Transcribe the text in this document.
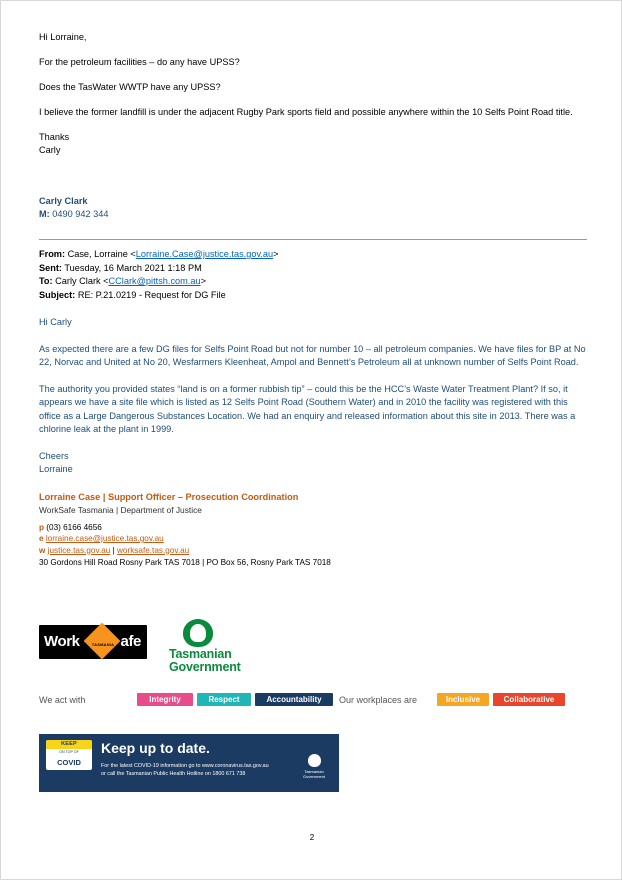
Hi Lorraine,

For the petroleum facilities – do any have UPSS?

Does the TasWater WWTP have any UPSS?

I believe the former landfill is under the adjacent Rugby Park sports field and possible anywhere within the 10 Selfs Point Road title.

Thanks

Carly

Carly Clark

M: 0490 942 344

From: Case, Lorraine <Lorraine.Case@justice.tas.gov.au>

Sent: Tuesday, 16 March 2021 1:18 PM

To: Carly Clark <CClark@pittsh.com.au>

Subject: RE: P.21.0219 - Request for DG File

Hi Carly

As expected there are a few DG files for Selfs Point Road but not for number 10 – all petroleum companies. We have files for BP at No 22, Norvac and United at No 20, Wesfarmers Kleenheat, Ampol and Bennett’s Petroleum all at unknown number of Selfs Point Road.

The authority you provided states “land is on a former rubbish tip” – could this be the HCC’s Waste Water Treatment Plant? If so, it appears we have a site file which is listed as 12 Selfs Point Road (Southern Water) and in 2010 the facility was registered with this office as a Large Dangerous Substances Location. We had an enquiry and released information about this site in 2013. There was a chlorine leak at the plant in 1999.

Cheers

Lorraine

Lorraine Case | Support Officer – Prosecution Coordination

WorkSafe Tasmania | Department of Justice

p (03) 6166 4656

e lorraine.case@justice.tas.gov.au

w justice.tas.gov.au | worksafe.tas.gov.au

30 Gordons Hill Road Rosny Park TAS 7018 | PO Box 56, Rosny Park TAS 7018

Work	TASMANIA afe
Tasmanian
Government
We act with	Our workplaces are
Integrity	Respect	Accountability	Inclusive	Collaborative
KEEP
ON TOP OF
COVID
Keep up to date.
For the latest COVID-19 information go to www.coronavirus.tas.gov.au
or call the Tasmanian Public Health Hotline on 1800 671 738	Tasmanian
Government
2
